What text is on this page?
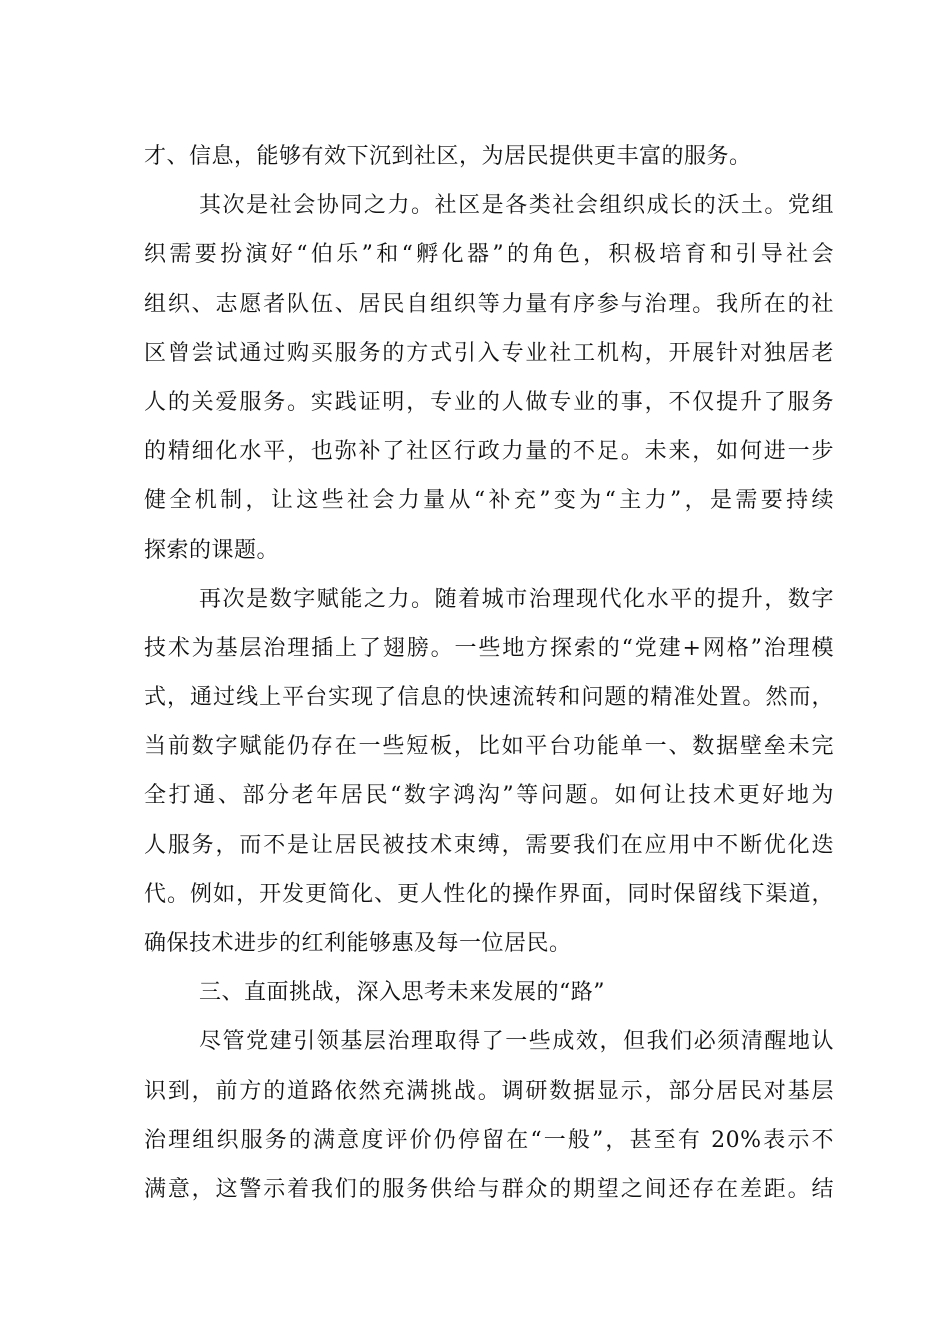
才、信息，能够有效下沉到社区，为居民提供更丰富的服务。
其次是社会协同之力。社区是各类社会组织成长的沃土。党组
织需要扮演好“伯乐”和“孵化器”的角色，积极培育和引导社会
组织、志愿者队伍、居民自组织等力量有序参与治理。我所在的社
区曾尝试通过购买服务的方式引入专业社工机构，开展针对独居老
人的关爱服务。实践证明，专业的人做专业的事，不仅提升了服务
的精细化水平，也弥补了社区行政力量的不足。未来，如何进一步
健全机制，让这些社会力量从“补充”变为“主力”，是需要持续
探索的课题。
再次是数字赋能之力。随着城市治理现代化水平的提升，数字
技术为基层治理插上了翅膀。一些地方探索的“党建+网格”治理模
式，通过线上平台实现了信息的快速流转和问题的精准处置。然而，
当前数字赋能仍存在一些短板，比如平台功能单一、数据壁垒未完
全打通、部分老年居民“数字鸿沟”等问题。如何让技术更好地为
人服务，而不是让居民被技术束缚，需要我们在应用中不断优化迭
代。例如，开发更简化、更人性化的操作界面，同时保留线下渠道，
确保技术进步的红利能够惠及每一位居民。
三、直面挑战，深入思考未来发展的“路”
尽管党建引领基层治理取得了一些成效，但我们必须清醒地认
识到，前方的道路依然充满挑战。调研数据显示，部分居民对基层
治理组织服务的满意度评价仍停留在“一般”，甚至有 20%表示不
满意，这警示着我们的服务供给与群众的期望之间还存在差距。结
